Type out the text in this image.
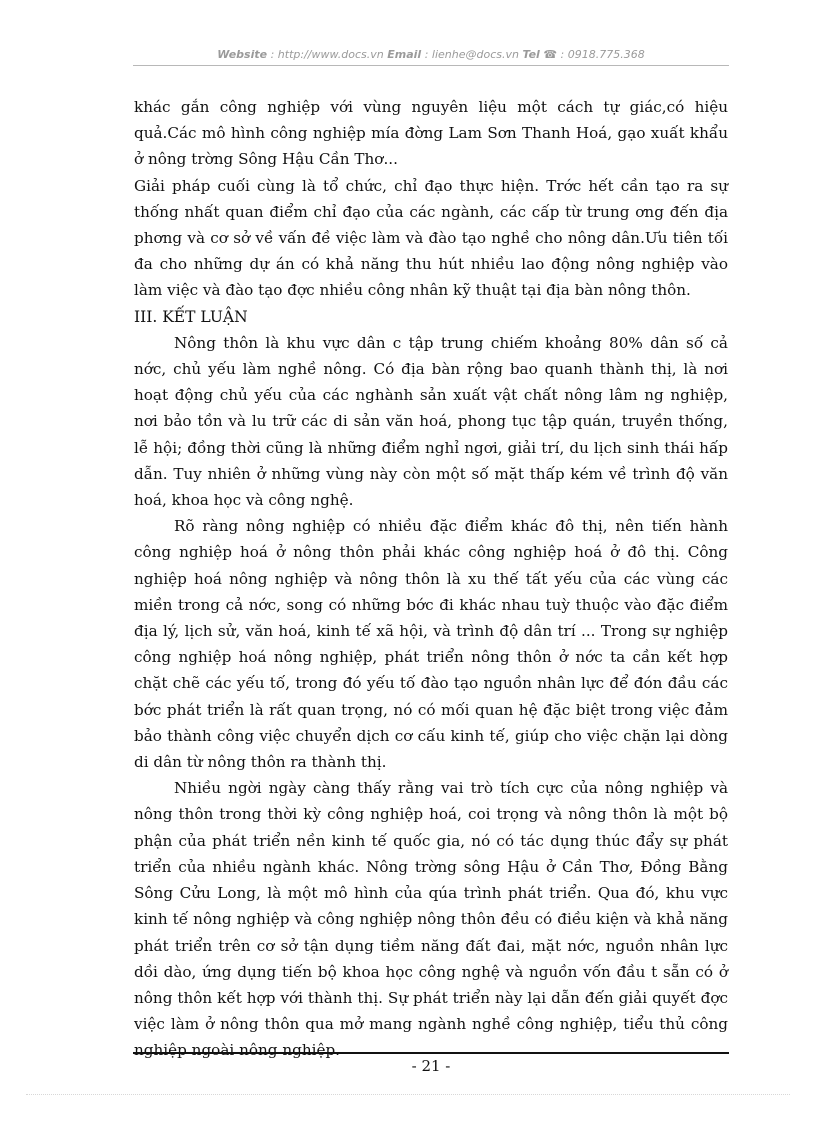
Website : http://www.docs.vn Email : lienhe@docs.vn Tel ☎ : 0918.775.368

khác gắn công nghiệp với vùng nguyên liệu một cách tự giác,có hiệu quả.Các mô hình công nghiệp mía đờng Lam Sơn Thanh Hoá, gạo xuất khẩu ở nông trờng Sông Hậu Cần Thơ...

Giải pháp cuối cùng là tổ chức, chỉ đạo thực hiện. Trớc hết cần tạo ra sự thống nhất quan điểm chỉ đạo của các ngành, các cấp từ trung ơng đến địa phơng và cơ sở về vấn đề việc làm và đào tạo nghề cho nông dân.Ưu tiên tối đa cho những dự án có khả năng thu hút nhiều lao động nông nghiệp vào làm việc và đào tạo đợc nhiều công nhân kỹ thuật tại địa bàn nông thôn.

III. KẾT LUẬN

Nông thôn là khu vực dân c tập trung chiếm khoảng 80% dân số cả nớc, chủ yếu làm nghề nông. Có địa bàn rộng bao quanh thành thị, là nơi hoạt động chủ yếu của các nghành sản xuất vật chất nông lâm ng nghiệp, nơi bảo tồn và lu trữ các di sản văn hoá, phong tục tập quán, truyền thống, lễ hội; đồng thời cũng là những điểm nghỉ ngơi, giải trí, du lịch sinh thái hấp dẫn. Tuy nhiên ở những vùng này còn một số mặt thấp kém về trình độ văn hoá, khoa học và công nghệ.

Rõ ràng nông nghiệp có nhiều đặc điểm khác đô thị, nên tiến hành công nghiệp hoá ở nông thôn phải khác công nghiệp hoá ở đô thị. Công nghiệp hoá nông nghiệp và nông thôn là xu thế tất yếu của các vùng các miền trong cả nớc, song có những bớc đi khác nhau tuỳ thuộc vào đặc điểm địa lý, lịch sử, văn hoá, kinh tế xã hội, và trình độ dân trí ... Trong sự nghiệp công nghiệp hoá nông nghiệp, phát triển nông thôn ở nớc ta cần kết hợp chặt chẽ các yếu tố, trong đó yếu tố đào tạo nguồn nhân lực để đón đầu các bớc phát triển là rất quan trọng, nó có mối quan hệ đặc biệt trong việc đảm bảo thành công việc chuyển dịch cơ cấu kinh tế, giúp cho việc chặn lại dòng di dân từ nông thôn ra thành thị.

Nhiều ngời ngày càng thấy rằng vai trò tích cực của nông nghiệp và nông thôn trong thời kỳ công nghiệp hoá, coi trọng và nông thôn là một bộ phận của phát triển nền kinh tế quốc gia, nó có tác dụng thúc đẩy sự phát triển của nhiều ngành khác. Nông trờng sông Hậu ở Cần Thơ, Đồng Bằng Sông Cửu Long, là một mô hình của qúa trình phát triển. Qua đó, khu vực kinh tế nông nghiệp và công nghiệp nông thôn đều có điều kiện và khả năng phát triển trên cơ sở tận dụng tiềm năng đất đai, mặt nớc, nguồn nhân lực dồi dào, ứng dụng tiến bộ khoa học công nghệ và nguồn vốn đầu t sẵn có ở nông thôn kết hợp với thành thị. Sự phát triển này lại dẫn đến giải quyết đợc việc làm ở nông thôn qua mở mang ngành nghề công nghiệp, tiểu thủ công nghiệp ngoài nông nghiệp.

- 21 -
